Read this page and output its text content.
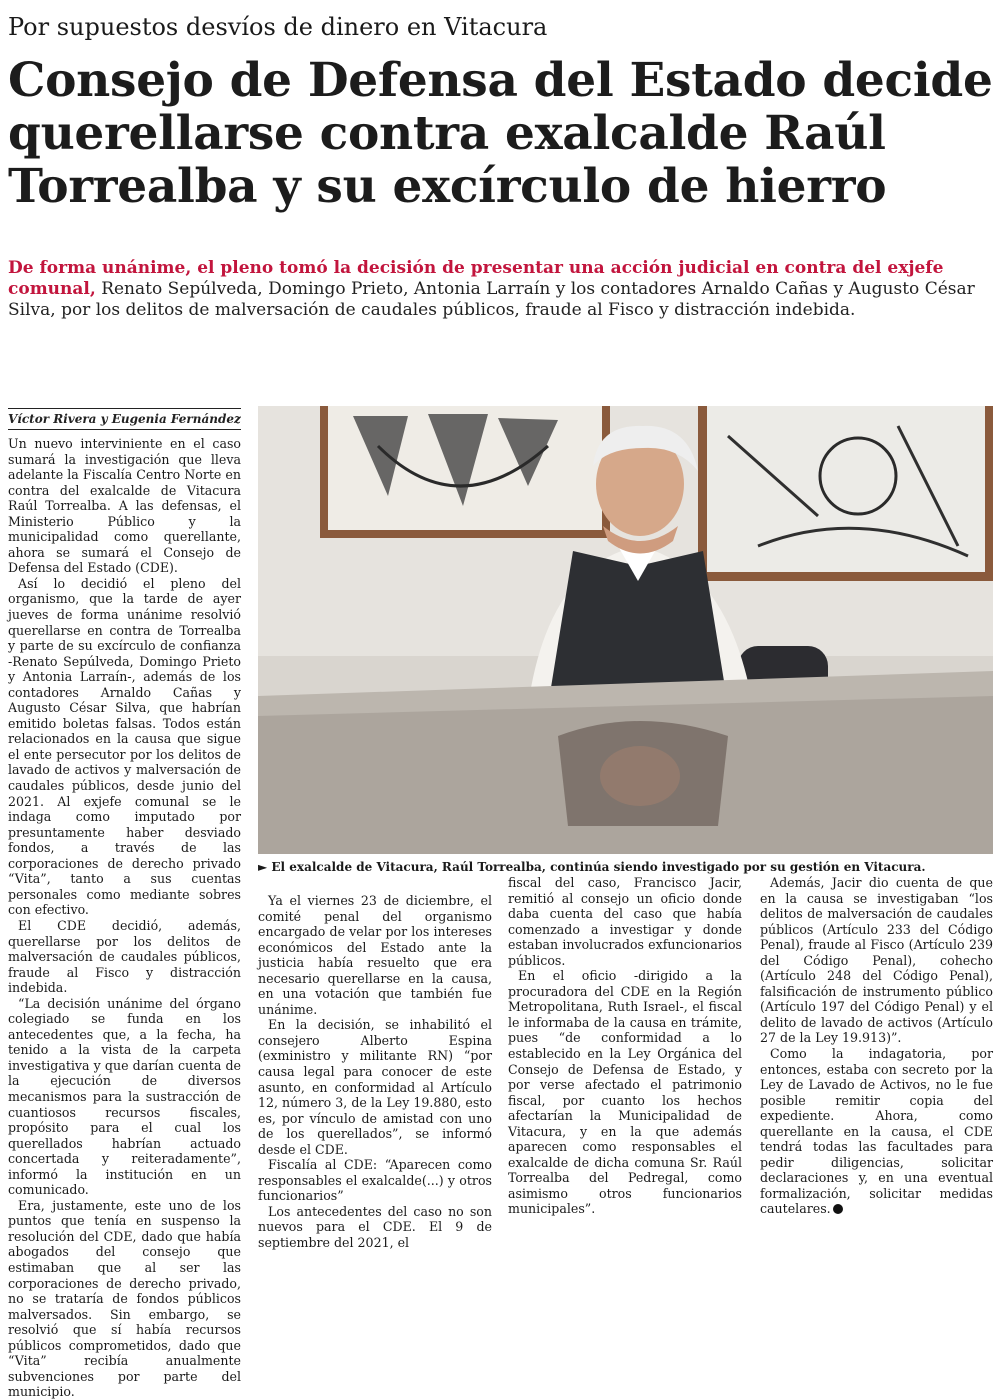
Por supuestos desvíos de dinero en Vitacura
Consejo de Defensa del Estado decide querellarse contra exalcalde Raúl Torrealba y su excírculo de hierro
De forma unánime, el pleno tomó la decisión de presentar una acción judicial en contra del exjefe comunal, Renato Sepúlveda, Domingo Prieto, Antonia Larraín y los contadores Arnaldo Cañas y Augusto César Silva, por los delitos de malversación de caudales públicos, fraude al Fisco y distracción indebida.
Víctor Rivera y Eugenia Fernández

Un nuevo interviniente en el caso sumará la investigación que lleva adelante la Fiscalía Centro Norte en contra del exalcalde de Vitacura Raúl Torrealba. A las defensas, el Ministerio Público y la municipalidad como querellante, ahora se sumará el Consejo de Defensa del Estado (CDE).

Así lo decidió el pleno del organismo, que la tarde de ayer jueves de forma unánime resolvió querellarse en contra de Torrealba y parte de su excírculo de confianza -Renato Sepúlveda, Domingo Prieto y Antonia Larraín-, además de los contadores Arnaldo Cañas y Augusto César Silva, que habrían emitido boletas falsas. Todos están relacionados en la causa que sigue el ente persecutor por los delitos de lavado de activos y malversación de caudales públicos, desde junio del 2021. Al exjefe comunal se le indaga como imputado por presuntamente haber desviado fondos, a través de las corporaciones de derecho privado “Vita”, tanto a sus cuentas personales como mediante sobres con efectivo.

El CDE decidió, además, querellarse por los delitos de malversación de caudales públicos, fraude al Fisco y distracción indebida.

“La decisión unánime del órgano colegiado se funda en los antecedentes que, a la fecha, ha tenido a la vista de la carpeta investigativa y que darían cuenta de la ejecución de diversos mecanismos para la sustracción de cuantiosos recursos fiscales, propósito para el cual los querellados habrían actuado concertada y reiteradamente”, informó la institución en un comunicado.

Era, justamente, este uno de los puntos que tenía en suspenso la resolución del CDE, dado que había abogados del consejo que estimaban que al ser las corporaciones de derecho privado, no se trataría de fondos públicos malversados. Sin embargo, se resolvió que sí había recursos públicos comprometidos, dado que “Vita” recibía anualmente subvenciones por parte del municipio.

► El exalcalde de Vitacura, Raúl Torrealba, continúa siendo investigado por su gestión en Vitacura.

Ya el viernes 23 de diciembre, el comité penal del organismo encargado de velar por los intereses económicos del Estado ante la justicia había resuelto que era necesario querellarse en la causa, en una votación que también fue unánime.

En la decisión, se inhabilitó el consejero Alberto Espina (exministro y militante RN) “por causa legal para conocer de este asunto, en conformidad al Artículo 12, número 3, de la Ley 19.880, esto es, por vínculo de amistad con uno de los querellados”, se informó desde el CDE.

Fiscalía al CDE: “Aparecen como responsables el exalcalde(...) y otros funcionarios”

Los antecedentes del caso no son nuevos para el CDE. El 9 de septiembre del 2021, el

fiscal del caso, Francisco Jacir, remitió al consejo un oficio donde daba cuenta del caso que había comenzado a investigar y donde estaban involucrados exfuncionarios públicos.

En el oficio -dirigido a la procuradora del CDE en la Región Metropolitana, Ruth Israel-, el fiscal le informaba de la causa en trámite, pues “de conformidad a lo establecido en la Ley Orgánica del Consejo de Defensa de Estado, y por verse afectado el patrimonio fiscal, por cuanto los hechos afectarían la Municipalidad de Vitacura, y en la que además aparecen como responsables el exalcalde de dicha comuna Sr. Raúl Torrealba del Pedregal, como asimismo otros funcionarios municipales”.

Además, Jacir dio cuenta de que en la causa se investigaban “los delitos de malversación de caudales públicos (Artículo 233 del Código Penal), fraude al Fisco (Artículo 239 del Código Penal), cohecho (Artículo 248 del Código Penal), falsificación de instrumento público (Artículo 197 del Código Penal) y el delito de lavado de activos (Artículo 27 de la Ley 19.913)”.

Como la indagatoria, por entonces, estaba con secreto por la Ley de Lavado de Activos, no le fue posible remitir copia del expediente. Ahora, como querellante en la causa, el CDE tendrá todas las facultades para pedir diligencias, solicitar declaraciones y, en una eventual formalización, solicitar medidas cautelares.
